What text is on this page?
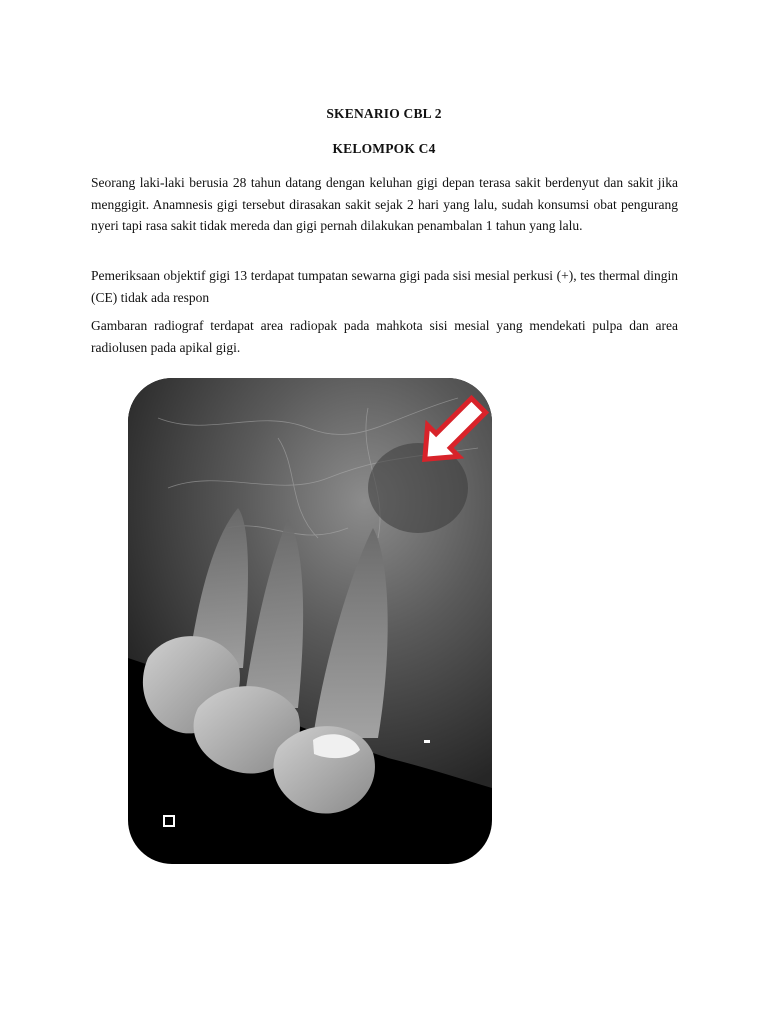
SKENARIO CBL 2
KELOMPOK C4

Seorang laki-laki berusia 28 tahun datang dengan keluhan gigi depan terasa sakit berdenyut dan sakit jika menggigit. Anamnesis gigi tersebut dirasakan sakit sejak 2 hari yang lalu, sudah konsumsi obat pengurang nyeri tapi rasa sakit tidak mereda dan gigi pernah dilakukan penambalan 1 tahun yang lalu.

Pemeriksaan objektif gigi 13 terdapat tumpatan sewarna gigi pada sisi mesial perkusi (+), tes thermal dingin (CE) tidak ada respon

Gambaran radiograf terdapat area radiopak pada mahkota sisi mesial yang mendekati pulpa dan area radiolusen pada apikal gigi.
